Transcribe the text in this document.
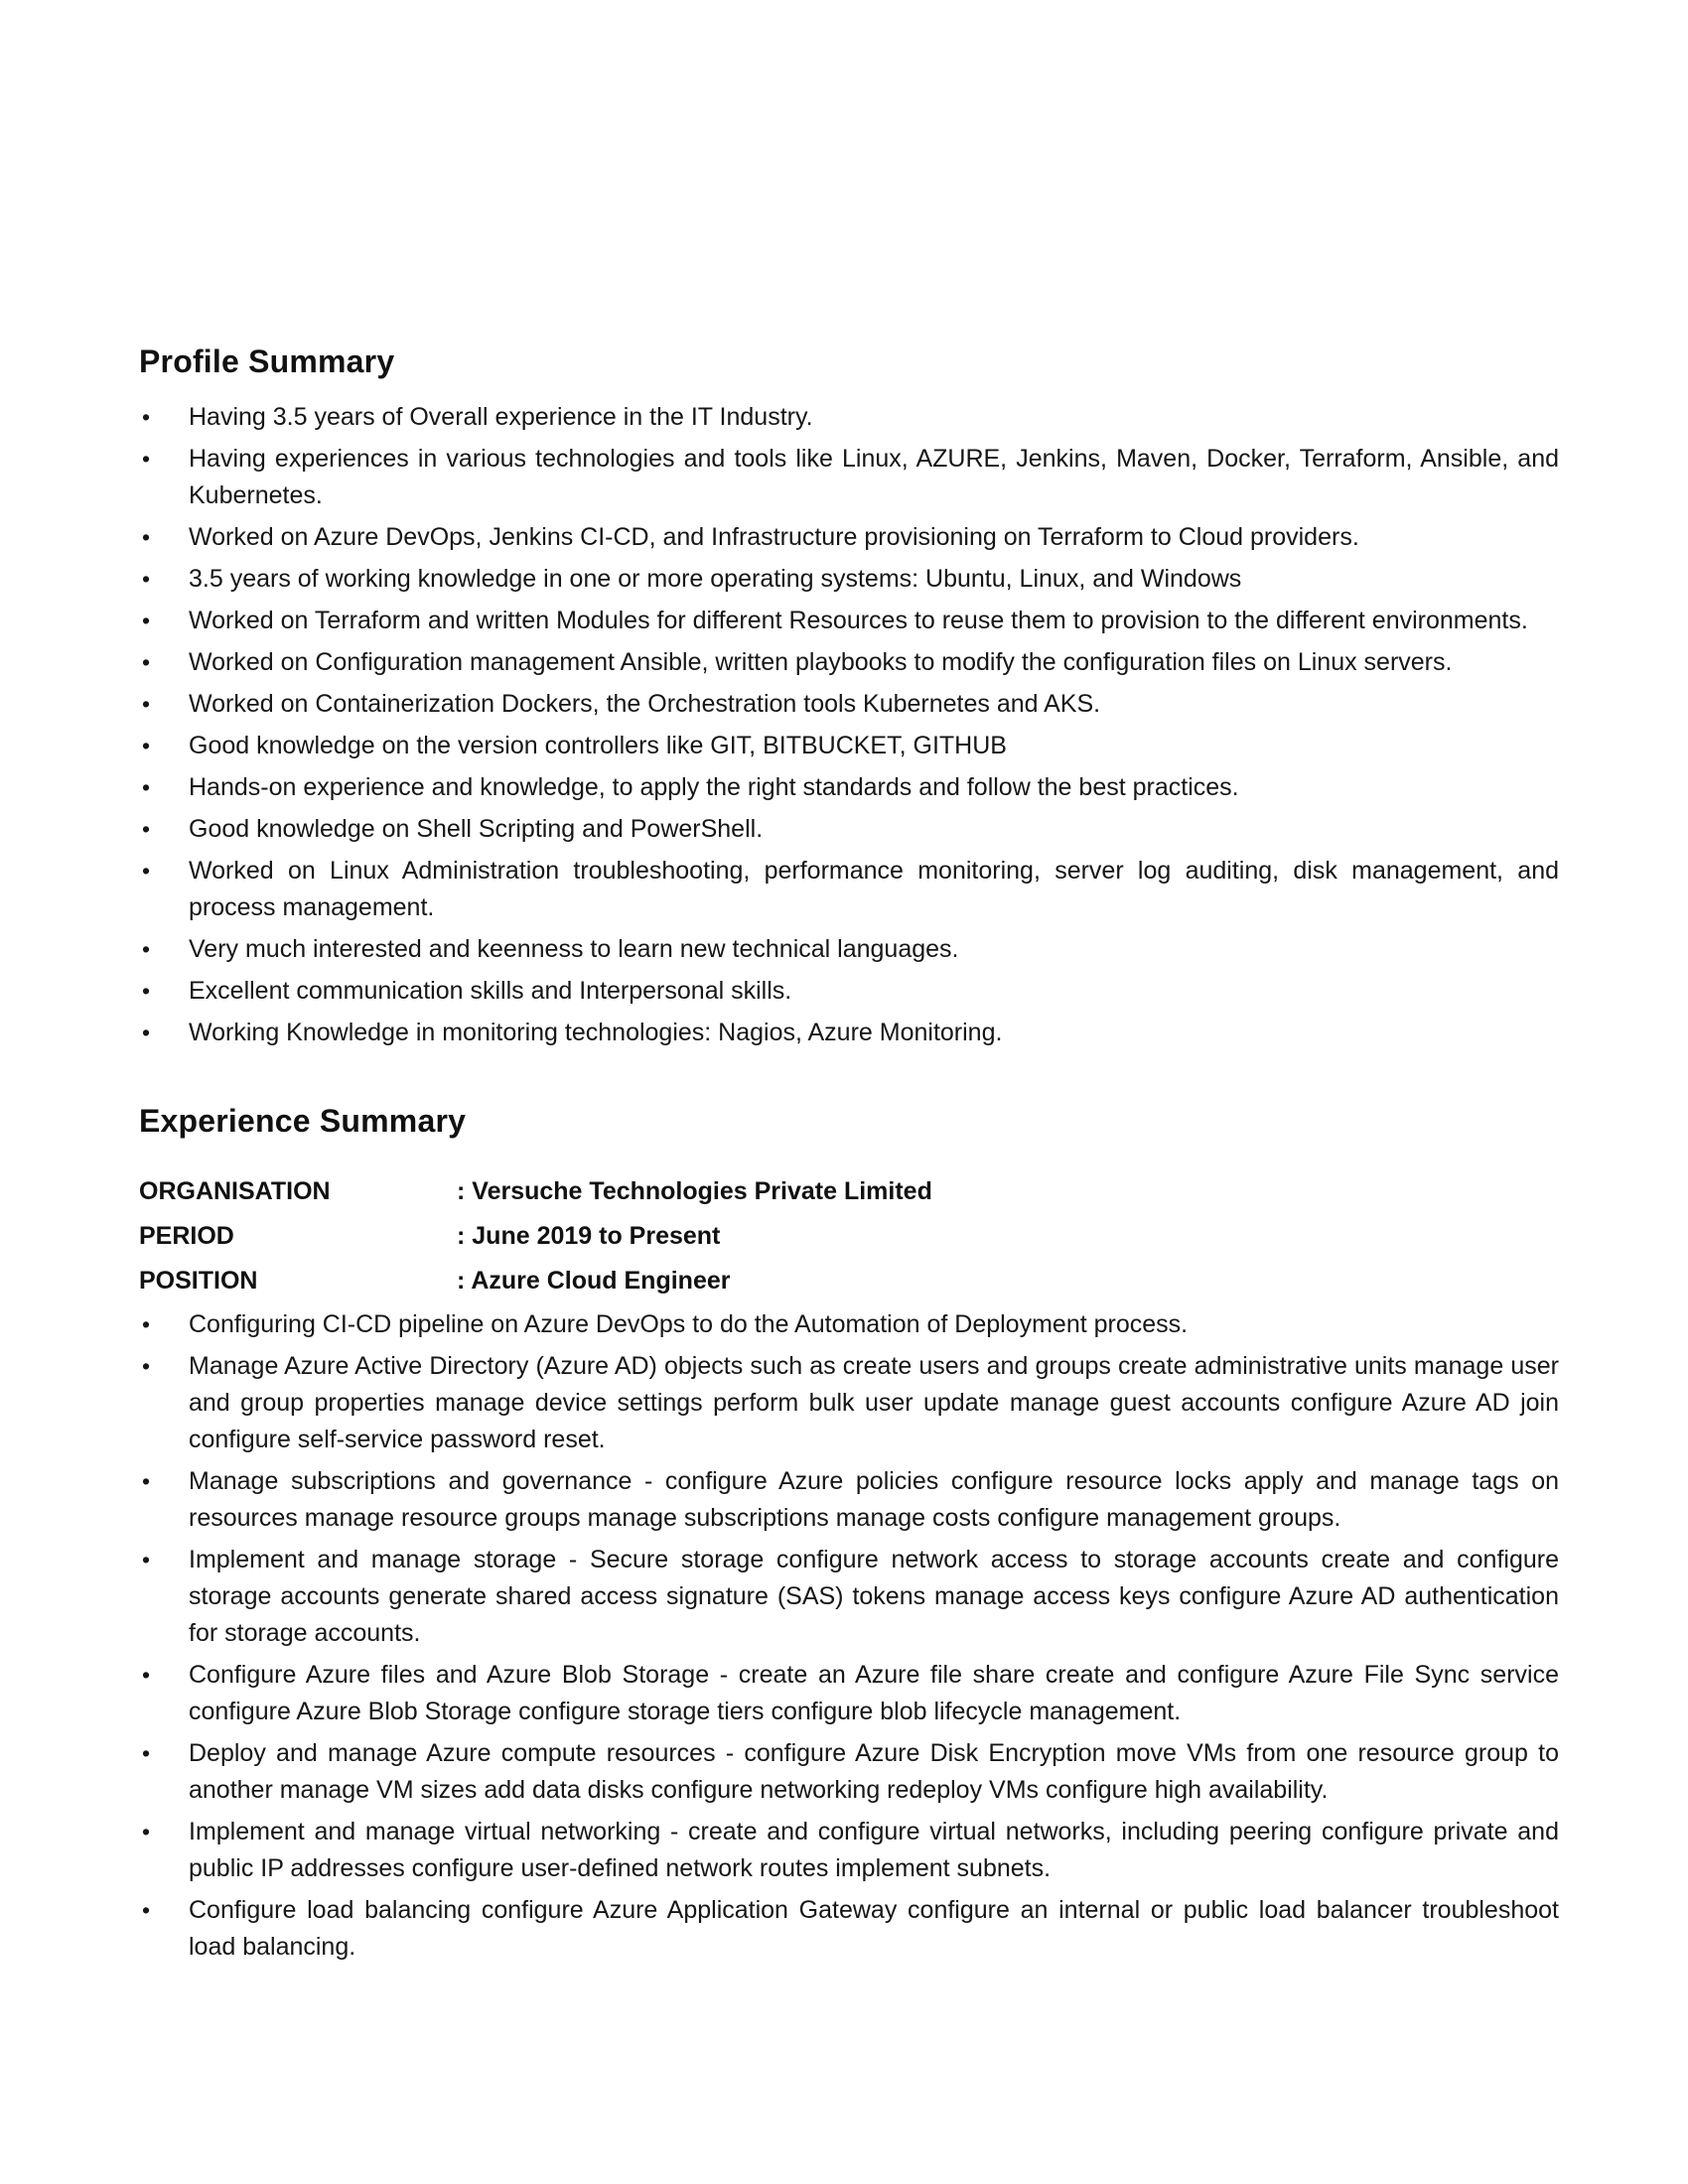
Profile Summary
• Having 3.5 years of Overall experience in the IT Industry.
• Having experiences in various technologies and tools like Linux, AZURE, Jenkins, Maven, Docker, Terraform, Ansible, and Kubernetes.
• Worked on Azure DevOps, Jenkins CI-CD, and Infrastructure provisioning on Terraform to Cloud providers.
• 3.5 years of working knowledge in one or more operating systems: Ubuntu, Linux, and Windows
• Worked on Terraform and written Modules for different Resources to reuse them to provision to the different environments.
• Worked on Configuration management Ansible, written playbooks to modify the configuration files on Linux servers.
• Worked on Containerization Dockers, the Orchestration tools Kubernetes and AKS.
• Good knowledge on the version controllers like GIT, BITBUCKET, GITHUB
• Hands-on experience and knowledge, to apply the right standards and follow the best practices.
• Good knowledge on Shell Scripting and PowerShell.
• Worked on Linux Administration troubleshooting, performance monitoring, server log auditing, disk management, and process management.
• Very much interested and keenness to learn new technical languages.
• Excellent communication skills and Interpersonal skills.
• Working Knowledge in monitoring technologies: Nagios, Azure Monitoring.
Experience Summary
ORGANISATION	: Versuche Technologies Private Limited
PERIOD	: June 2019 to Present
POSITION	: Azure Cloud Engineer
• Configuring CI-CD pipeline on Azure DevOps to do the Automation of Deployment process.
• Manage Azure Active Directory (Azure AD) objects such as create users and groups create administrative units manage user and group properties manage device settings perform bulk user update manage guest accounts configure Azure AD join configure self-service password reset.
• Manage subscriptions and governance - configure Azure policies configure resource locks apply and manage tags on resources manage resource groups manage subscriptions manage costs configure management groups.
• Implement and manage storage - Secure storage configure network access to storage accounts create and configure storage accounts generate shared access signature (SAS) tokens manage access keys configure Azure AD authentication for storage accounts.
• Configure Azure files and Azure Blob Storage - create an Azure file share create and configure Azure File Sync service configure Azure Blob Storage configure storage tiers configure blob lifecycle management.
• Deploy and manage Azure compute resources - configure Azure Disk Encryption move VMs from one resource group to another manage VM sizes add data disks configure networking redeploy VMs configure high availability.
• Implement and manage virtual networking - create and configure virtual networks, including peering configure private and public IP addresses configure user-defined network routes implement subnets.
• Configure load balancing configure Azure Application Gateway configure an internal or public load balancer troubleshoot load balancing.
